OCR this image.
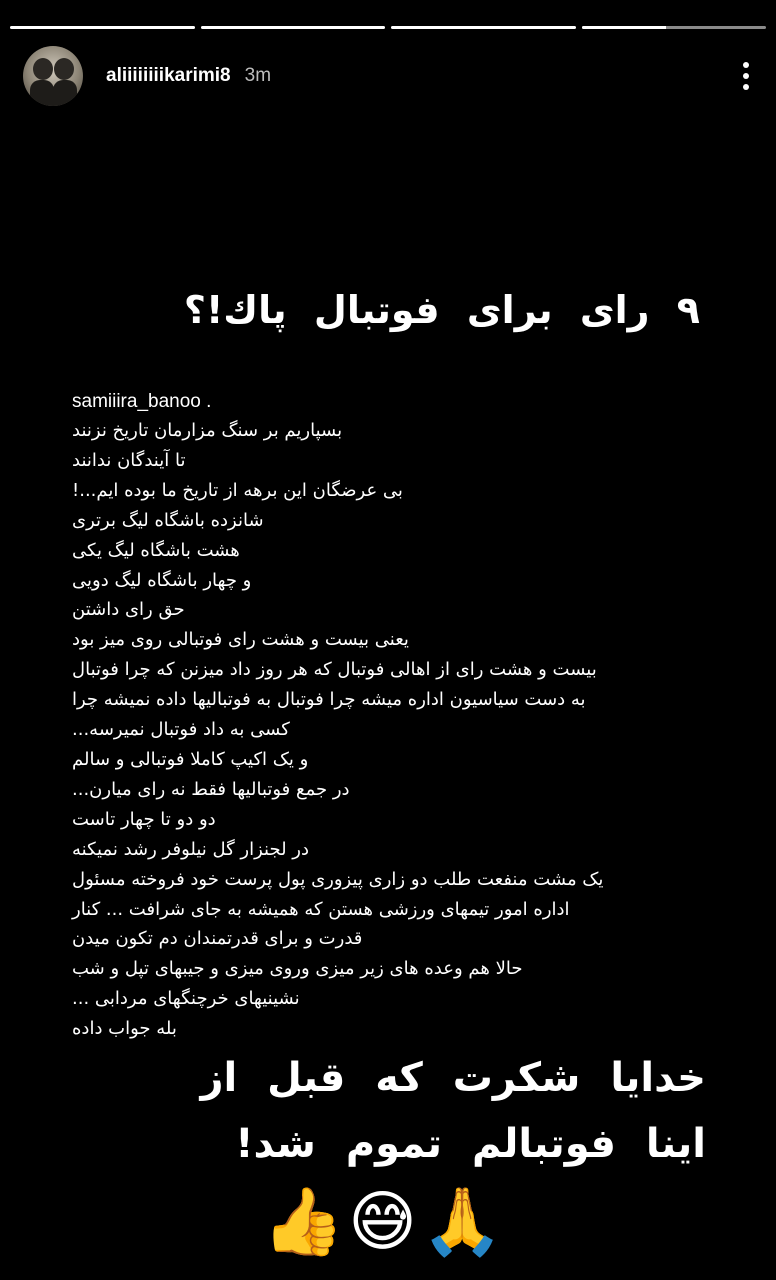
aliiiiiiiikarimi8 3m
۹ رای برای فوتبال پاك!؟
samiiira_banoo .
بسپاریم بر سنگ مزارمان تاریخ نزنند
تا آیندگان ندانند
بی عرضگان این برهه از تاریخ ما بوده ایم...!
شانزده باشگاه لیگ برتری
هشت باشگاه لیگ یکی
و چهار باشگاه لیگ دویی
حق رای داشتن
یعنی بیست و هشت رای فوتبالی روی میز بود
بیست و هشت رای از اهالی فوتبال که هر روز داد میزنن که چرا فوتبال
به دست سیاسیون اداره میشه چرا فوتبال به فوتبالیها داده نمیشه چرا
کسی به داد فوتبال نمیرسه...
و یک اکیپ کاملا فوتبالی و سالم
در جمع فوتبالیها فقط نه رای میارن...
دو دو تا چهار تاست
در لجنزار گل نیلوفر رشد نمیکنه
یک مشت منفعت طلب دو زاری پیزوری پول پرست خود فروخته مسئول
اداره امور تیمهای ورزشی هستن که همیشه به جای شرافت ... کنار
قدرت و برای قدرتمندان دم تکون میدن
حالا هم وعده های زیر میزی وروی میزی و جیبهای تپل و شب
نشینیهای خرچنگهای مردابی ...
بله جواب داده
خدایا شکرت که قبل از
اینا فوتبالم تموم شد!
👍😅🙏
